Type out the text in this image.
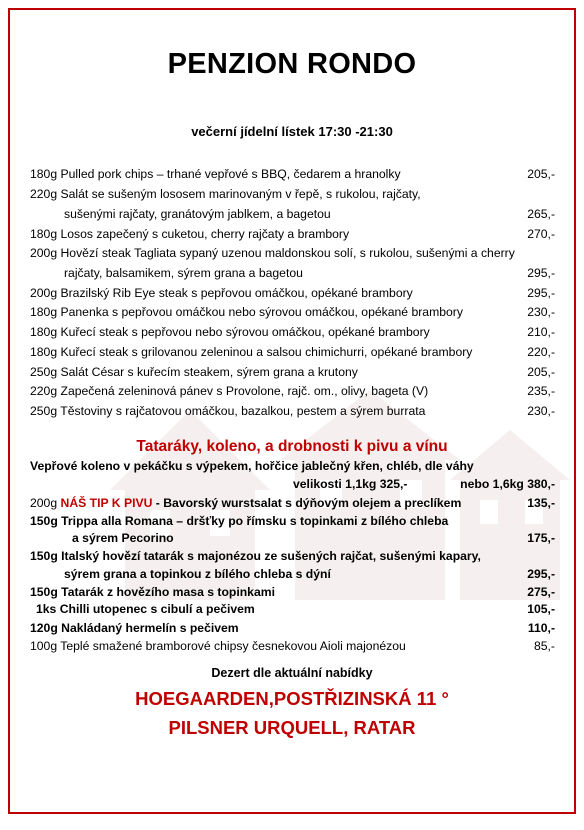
PENZION RONDO
večerní jídelní lístek 17:30 -21:30
180g Pulled pork chips – trhané vepřové s BBQ, čedarem a hranolky	205,-
220g Salát se sušeným lososem marinovaným v řepě, s rukolou, rajčaty,
sušenými rajčaty, granátovým jablkem, a bagetou	265,-
180g Losos zapečený s cuketou, cherry rajčaty a brambory	270,-
200g Hovězí steak Tagliata sypaný uzenou maldonskou solí, s rukolou, sušenými a cherry
rajčaty, balsamikem, sýrem grana a bagetou	295,-
200g Brazilský Rib Eye steak s pepřovou omáčkou, opékané brambory	295,-
180g Panenka s pepřovou omáčkou nebo sýrovou omáčkou, opékané brambory	230,-
180g Kuřecí steak s pepřovou nebo sýrovou omáčkou, opékané brambory	210,-
180g Kuřecí steak s grilovanou zeleninou a salsou chimichurri, opékané brambory	220,-
250g Salát César s kuřecím steakem, sýrem grana a krutony	205,-
220g Zapečená zeleninová pánev s Provolone, rajč. om., olivy, bageta (V)	235,-
250g Těstoviny s rajčatovou omáčkou, bazalkou, pestem a sýrem burrata	230,-
Tataráky, koleno, a drobnosti k pivu a vínu
Vepřové koleno v pekáčku s výpekem, hořčice jablečný křen, chléb, dle váhy
velikosti 1,1kg 325,-	nebo 1,6kg 380,-
200g NÁŠ TIP K PIVU - Bavorský wurstsalat s dýňovým olejem a preclíkem	135,-
150g Trippa alla Romana – dršťky po římsku s topinkami z bílého chleba
a sýrem Pecorino	175,-
150g Italský hovězí tatarák s majonézou ze sušených rajčat, sušenými kapary,
sýrem grana a topinkou z bílého chleba s dýní	295,-
150g Tatarák z hovězího masa s topinkami	275,-
1ks Chilli utopenec s cibulí a pečivem	105,-
120g Nakládaný hermelín s pečivem	110,-
100g Teplé smažené bramborové chipsy česnekovou Aioli majonézou	85,-
Dezert dle aktuální nabídky
HOEGAARDEN,POSTŘIZINSKÁ 11 °
PILSNER URQUELL, RATAR
